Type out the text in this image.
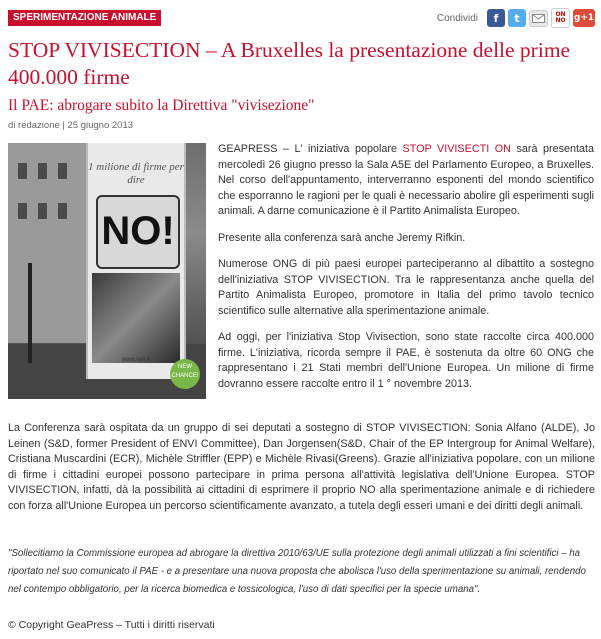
SPERIMENTAZIONE ANIMALE	Condividi	f	t	ON
NO g+1
STOP VIVISECTION – A Bruxelles la presentazione delle prime 400.000 firme
Il PAE: abrogare subito la Direttiva "vivisezione"
di redazione | 25 giugno 2013
1 milione di firme per dire
NO!
www.lavi.it
NEW CHANCE!

GEAPRESS – L' iniziativa popolare STOP VIVISECTI ON sarà presentata mercoledì 26 giugno presso la Sala A5E del Parlamento Europeo, a Bruxelles. Nel corso dell'appuntamento, interverranno esponenti del mondo scientifico che esporranno le ragioni per le quali è necessario abolire gli esperimenti sugli animali. A darne comunicazione è il Partito Animalista Europeo.

Presente alla conferenza sarà anche Jeremy Rifkin.

Numerose ONG di più paesi europei parteciperanno al dibattito a sostegno dell'iniziativa STOP VIVISECTION. Tra le rappresentanza anche quella del Partito Animalista Europeo, promotore in Italia del primo tavolo tecnico scientifico sulle alternative alla sperimentazione animale.

Ad oggi, per l'iniziativa Stop Vivisection, sono state raccolte circa 400.000 firme. L'iniziativa, ricorda sempre il PAE, è sostenuta da oltre 60 ONG che rappresentano i 21 Stati membri dell'Unione Europea. Un milione di firme dovranno essere raccolte entro il 1 ° novembre 2013.

La Conferenza sarà ospitata da un gruppo di sei deputati a sostegno di STOP VIVISECTION: Sonia Alfano (ALDE), Jo Leinen (S&D, former President of ENVI Committee), Dan Jorgensen(S&D, Chair of the EP Intergroup for Animal Welfare), Cristiana Muscardini (ECR), Michèle Striffler (EPP) e Michèle Rivasi(Greens). Grazie all'iniziativa popolare, con un milione di firme i cittadini europei possono partecipare in prima persona all'attività legislativa dell'Unione Europea. STOP VIVISECTION, infatti, dà la possibilità ai cittadini di esprimere il proprio NO alla sperimentazione animale e di richiedere con forza all'Unione Europea un percorso scientificamente avanzato, a tutela degli esseri umani e dei diritti degli animali.

"Sollecitiamo la Commissione europea ad abrogare la direttiva 2010/63/UE sulla protezione degli animali utilizzati a fini scientifici – ha riportato nel suo comunicato il PAE - e a presentare una nuova proposta che abolisca l'uso della sperimentazione su animali, rendendo nel contempo obbligatorio, per la ricerca biomedica e tossicologica, l'uso di dati specifici per la specie umana".
© Copyright GeaPress – Tutti i diritti riservati
